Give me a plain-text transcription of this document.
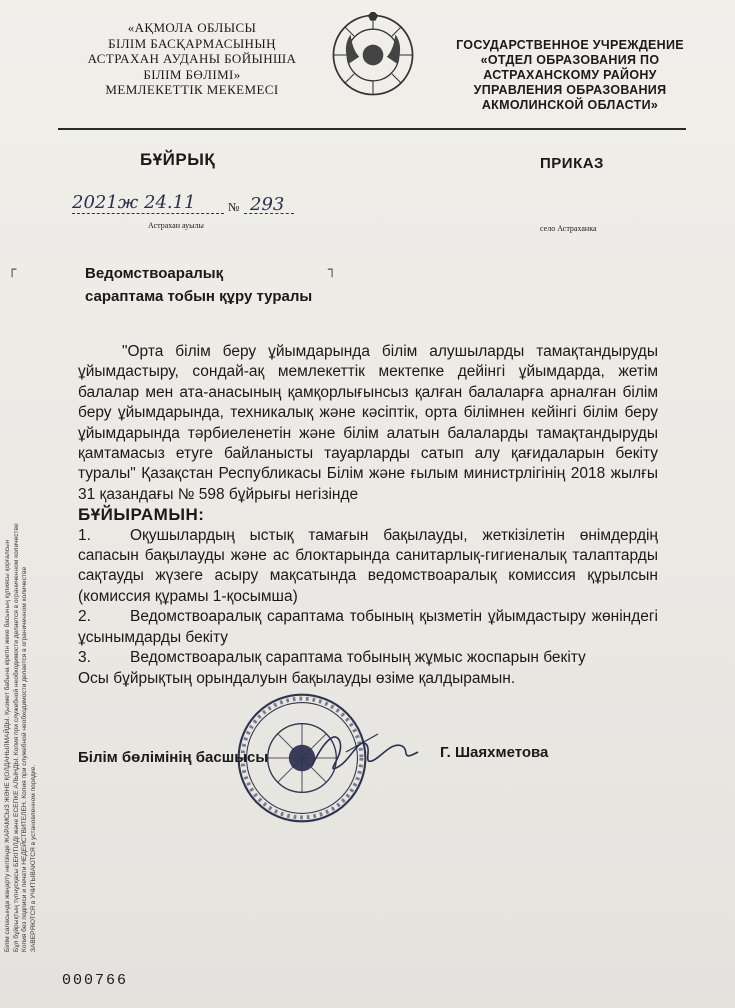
«АҚМОЛА ОБЛЫСЫ
БІЛІМ БАСҚАРМАСЫНЫҢ
АСТРАХАН АУДАНЫ БОЙЫНША
БІЛІМ БӨЛІМІ»
МЕМЛЕКЕТТІК МЕКЕМЕСІ
ГОСУДАРСТВЕННОЕ УЧРЕЖДЕНИЕ
«ОТДЕЛ ОБРАЗОВАНИЯ ПО
АСТРАХАНСКОМУ РАЙОНУ
УПРАВЛЕНИЯ ОБРАЗОВАНИЯ
АКМОЛИНСКОЙ ОБЛАСТИ»
БҰЙРЫҚ	ПРИКАЗ
2021ж 24.11	№ 293
Астрахан ауылы	село Астраханка
┌	┐
Ведомствоаралық
сараптама тобын құру туралы

"Орта білім беру ұйымдарында білім алушыларды тамақтандыруды ұйымдастыру, сондай-ақ мемлекеттік мектепке дейінгі ұйымдарда, жетім балалар мен ата-анасының қамқорлығынсыз қалған балаларға арналған білім беру ұйымдарында, техникалық және кәсіптік, орта білімнен кейінгі білім беру ұйымдарында тәрбиеленетін және білім алатын балаларды тамақтандыруды қамтамасыз етуге байланысты тауарларды сатып алу қағидаларын бекіту туралы" Қазақстан Республикасы Білім және ғылым министрлігінің 2018 жылғы 31 қазандағы № 598 бұйрығы негізінде

БҰЙЫРАМЫН:

1.	Оқушылардың ыстық тамағын бақылауды, жеткізілетін өнімдердің сапасын бақылауды және ас блоктарында санитарлық-гигиеналық талаптарды сақтауды жүзеге асыру мақсатында ведомствоаралық комиссия құрылсын (комиссия құрамы 1-қосымша)

2.	Ведомствоаралық сараптама тобының қызметін ұйымдастыру жөніндегі ұсынымдарды бекіту

3.	Ведомствоаралық сараптама тобының жұмыс жоспарын бекіту

Осы бұйрықтың орындалуын бақылауды өзіме қалдырамын.

Білім бөлімінің басшысы	Г. Шаяхметова
Білім саласында жаңарту негізінде ЖАРАМСЫЗ ЖӘНЕ ҚОЛДАНЫЛМАЙДЫ. Қызмет бабына кіретін жеке басының құпиясы қорғалсын Бұл бұйрықтың түпнұсқасы БЕКІТІЛДІ және ЕСЕПКЕ АЛЫНДЫ. Копия при служебной необходимости делается в ограниченном количестве Копия без подписи и печати НЕДЕЙСТВИТЕЛЕН. Копия при служебной необходимости делается в ограниченном количестве ЗАВЕРЯЮТСЯ в УЧИТЫВАЮТСЯ в установленном порядке.
000766
